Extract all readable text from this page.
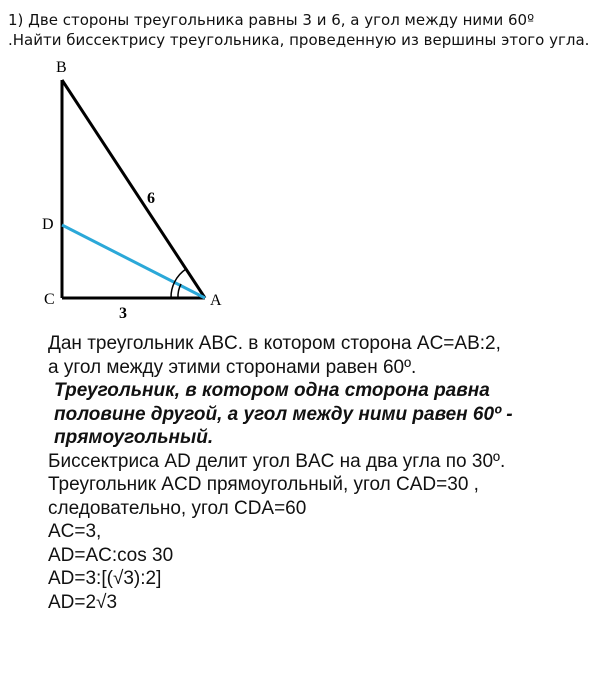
1) Две стороны треугольника равны 3 и 6, а угол между ними 60º
.Найти биссектрису треугольника, проведенную из вершины этого угла.
B
D
C	A
6
3
Дан треугольник ABC. в котором сторона AC=AB:2,
а угол между этими сторонами равен 60º.
Треугольник, в котором одна сторона равна
половине другой, а угол между ними равен 60º -
прямоугольный.
Биссектриса AD делит угол BAC на два угла по 30º.
Треугольник ACD прямоугольный, угол CAD=30 ,
следовательно, угол CDA=60
AC=3,
AD=AC:cos 30
AD=3:[(√3):2]
AD=2√3
